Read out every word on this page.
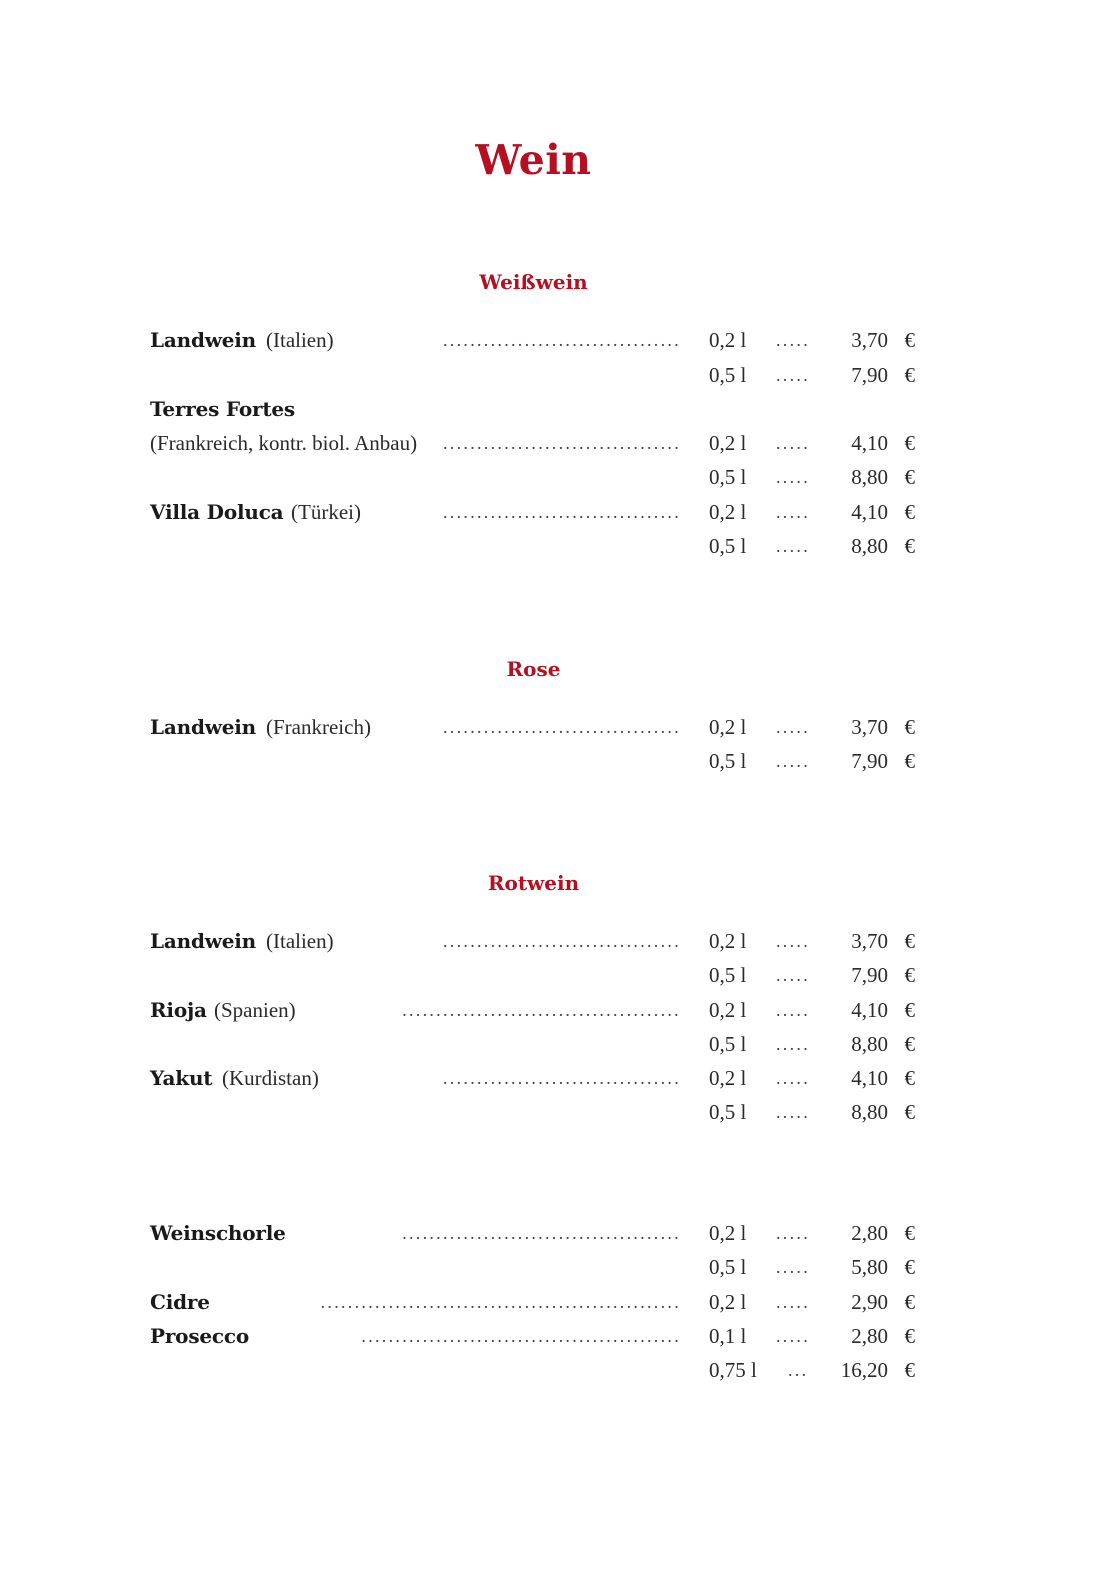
Wein
Weißwein
Landwein (Italien)	................................... 0,2 l ..... 3,70 €
0,5 l ..... 7,90 €
Terres Fortes
(Frankreich, kontr. biol. Anbau) ................................... 0,2 l ..... 4,10 €
0,5 l ..... 8,80 €
Villa Doluca (Türkei)	................................... 0,2 l ..... 4,10 €
0,5 l ..... 8,80 €
Rose
Landwein (Frankreich)	................................... 0,2 l ..... 3,70 €
0,5 l ..... 7,90 €
Rotwein
Landwein (Italien)	................................... 0,2 l ..... 3,70 €
0,5 l ..... 7,90 €
Rioja (Spanien)	......................................... 0,2 l ..... 4,10 €
0,5 l ..... 8,80 €
Yakut (Kurdistan)	................................... 0,2 l ..... 4,10 €
0,5 l ..... 8,80 €
Weinschorle	......................................... 0,2 l ..... 2,80 €
0,5 l ..... 5,80 €
Cidre	..................................................... 0,2 l ..... 2,90 €
Prosecco	............................................... 0,1 l ..... 2,80 €
0,75 l ... 16,20 €
